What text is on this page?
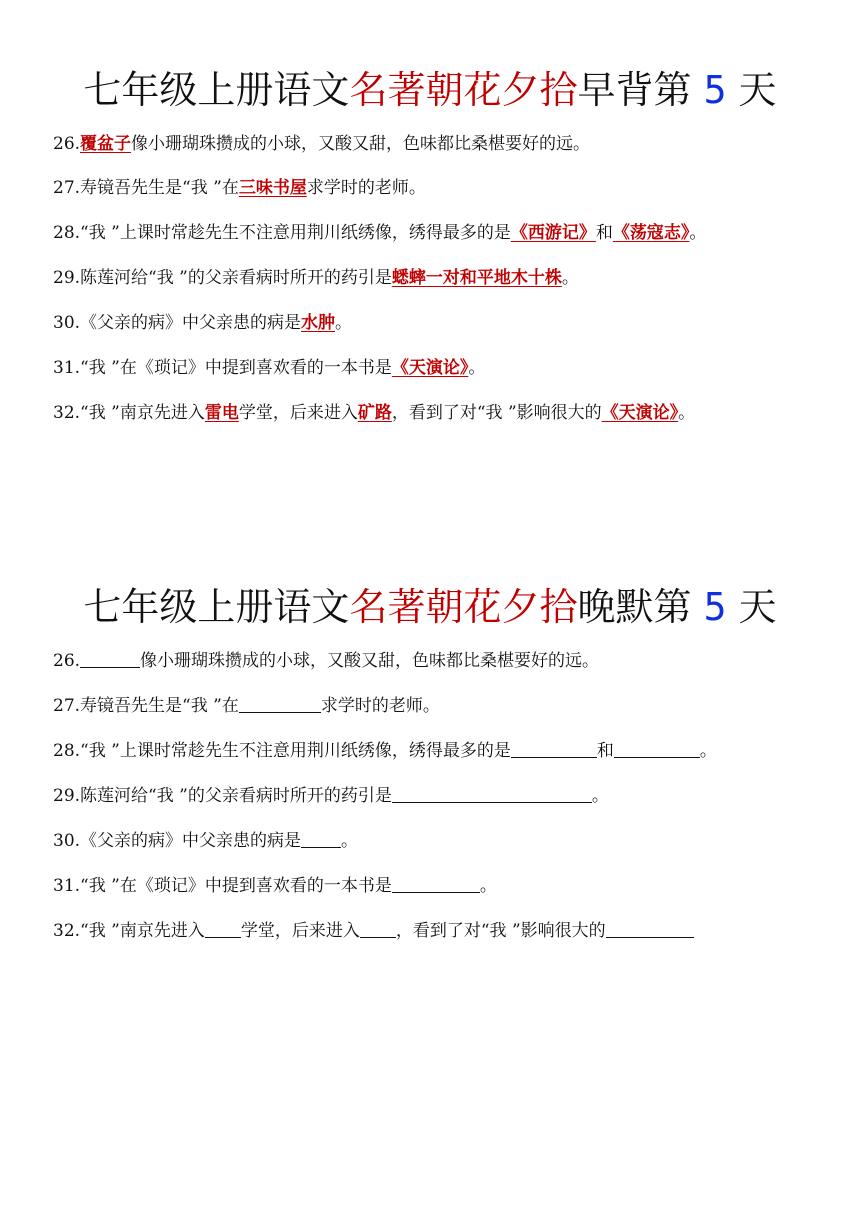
七年级上册语文名著朝花夕拾早背第 5 天
26.覆盆子像小珊瑚珠攒成的小球，又酸又甜，色味都比桑椹要好的远。
27.寿镜吾先生是“我 ”在三味书屋求学时的老师。
28.“我 ”上课时常趁先生不注意用荆川纸绣像，绣得最多的是《西游记》和《荡寇志》。
29.陈莲河给“我 ”的父亲看病时所开的药引是蟋蟀一对和平地木十株。
30.《父亲的病》中父亲患的病是水肿。
31.“我 ”在《琐记》中提到喜欢看的一本书是《天演论》。
32.“我 ”南京先进入雷电学堂，后来进入矿路，看到了对“我 ”影响很大的《天演论》。
七年级上册语文名著朝花夕拾晚默第 5 天
26.	像小珊瑚珠攒成的小球，又酸又甜，色味都比桑椹要好的远。
27.寿镜吾先生是“我 ”在	求学时的老师。
28.“我 ”上课时常趁先生不注意用荆川纸绣像，绣得最多的是	和	。
29.陈莲河给“我 ”的父亲看病时所开的药引是	。
30.《父亲的病》中父亲患的病是 。
31.“我 ”在《琐记》中提到喜欢看的一本书是	。
32.“我 ”南京先进入 学堂，后来进入 ，看到了对“我 ”影响很大的
